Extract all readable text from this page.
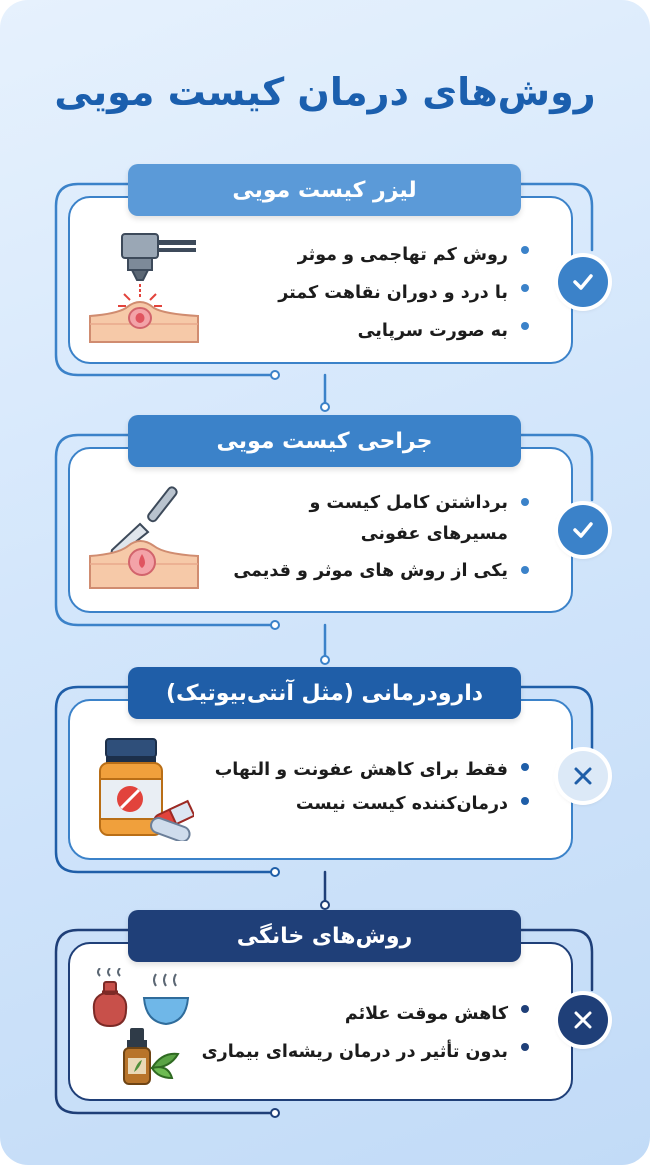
روش‌های درمان کیست مویی
لیزر کیست مویی
روش کم تهاجمی و موثر
با درد و دوران نقاهت کمتر
به صورت سرپایی
جراحی کیست مویی
برداشتن کامل کیست و مسیرهای عفونی
یکی از روش های موثر و قدیمی
دارودرمانی (مثل آنتی‌بیوتیک)
فقط برای کاهش عفونت و التهاب
درمان‌کننده کیست نیست
روش‌های خانگی
کاهش موقت علائم
بدون تأثیر در درمان ریشه‌ای بیماری
